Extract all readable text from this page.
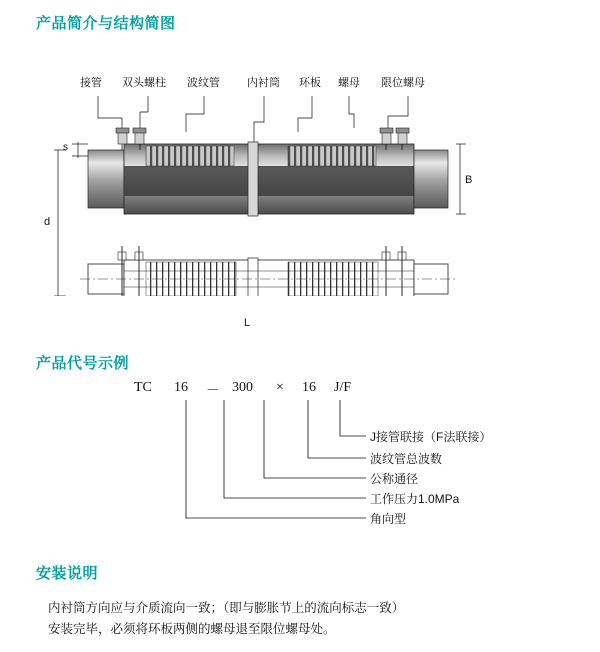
产品简介与结构简图
接管 双头螺柱 波纹管 内衬筒 环板 螺母 限位螺母
s
d
B
L
产品代号示例
TC 16 － 300 × 16 J/F
J接管联接（F法联接）
波纹管总波数
公称通径
工作压力1.0MPa
角向型
安装说明
内衬筒方向应与介质流向一致；（即与膨胀节上的流向标志一致）
安装完毕，必须将环板两侧的螺母退至限位螺母处。
